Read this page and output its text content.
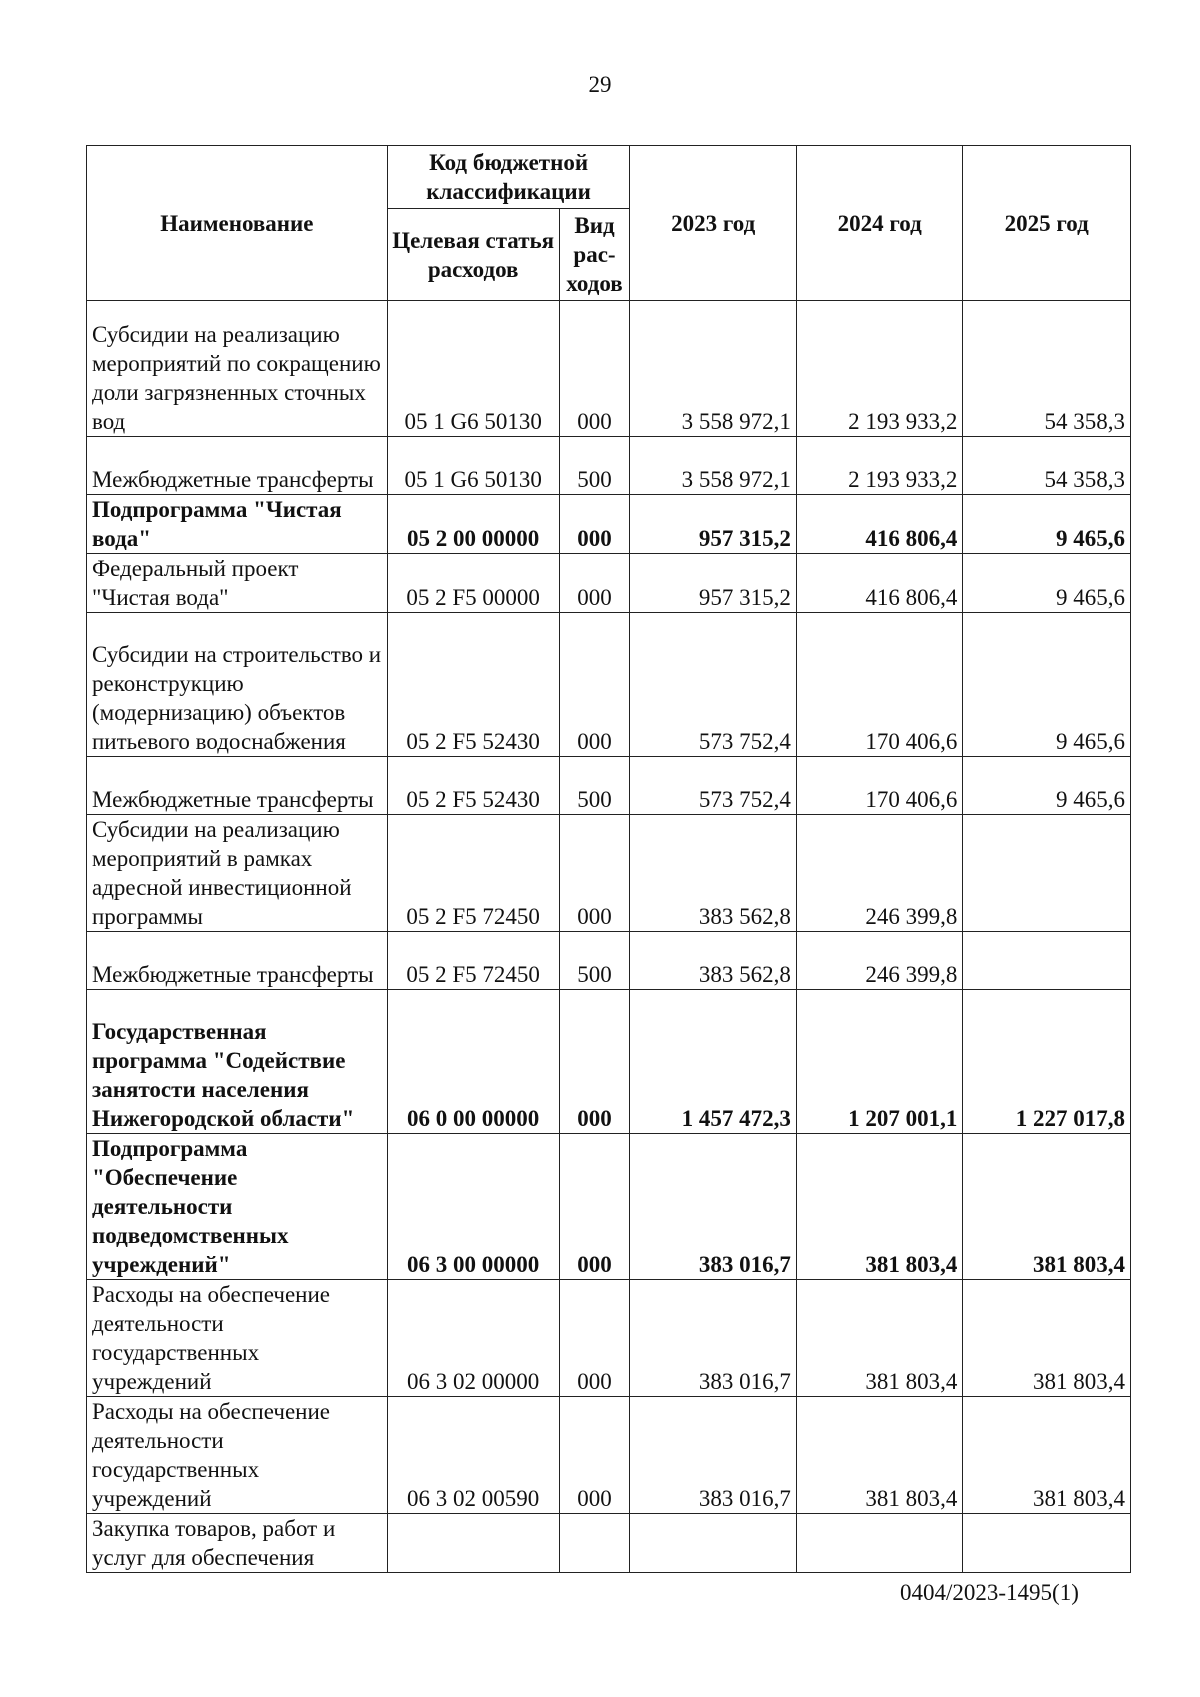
29
Наименование	Код бюджетной классификации		2023 год	2024 год	2025 год
	Целевая статья расходов	Вид рас-ходов			
Субсидии на реализацию мероприятий по сокращению доли загрязненных сточных вод	05 1 G6 50130	000	3 558 972,1	2 193 933,2	54 358,3
Межбюджетные трансферты	05 1 G6 50130	500	3 558 972,1	2 193 933,2	54 358,3
Подпрограмма "Чистая вода"	05 2 00 00000	000	957 315,2	416 806,4	9 465,6
Федеральный проект "Чистая вода"	05 2 F5 00000	000	957 315,2	416 806,4	9 465,6
Субсидии на строительство и реконструкцию (модернизацию) объектов питьевого водоснабжения	05 2 F5 52430	000	573 752,4	170 406,6	9 465,6
Межбюджетные трансферты	05 2 F5 52430	500	573 752,4	170 406,6	9 465,6
Субсидии на реализацию мероприятий в рамках адресной инвестиционной программы	05 2 F5 72450	000	383 562,8	246 399,8	
Межбюджетные трансферты	05 2 F5 72450	500	383 562,8	246 399,8	
Государственная программа "Содействие занятости населения Нижегородской области"	06 0 00 00000	000	1 457 472,3	1 207 001,1	1 227 017,8
Подпрограмма "Обеспечение деятельности подведомственных учреждений"	06 3 00 00000	000	383 016,7	381 803,4	381 803,4
Расходы на обеспечение деятельности государственных учреждений	06 3 02 00000	000	383 016,7	381 803,4	381 803,4
Расходы на обеспечение деятельности государственных учреждений	06 3 02 00590	000	383 016,7	381 803,4	381 803,4
Закупка товаров, работ и услуг для обеспечения					
0404/2023-1495(1)
